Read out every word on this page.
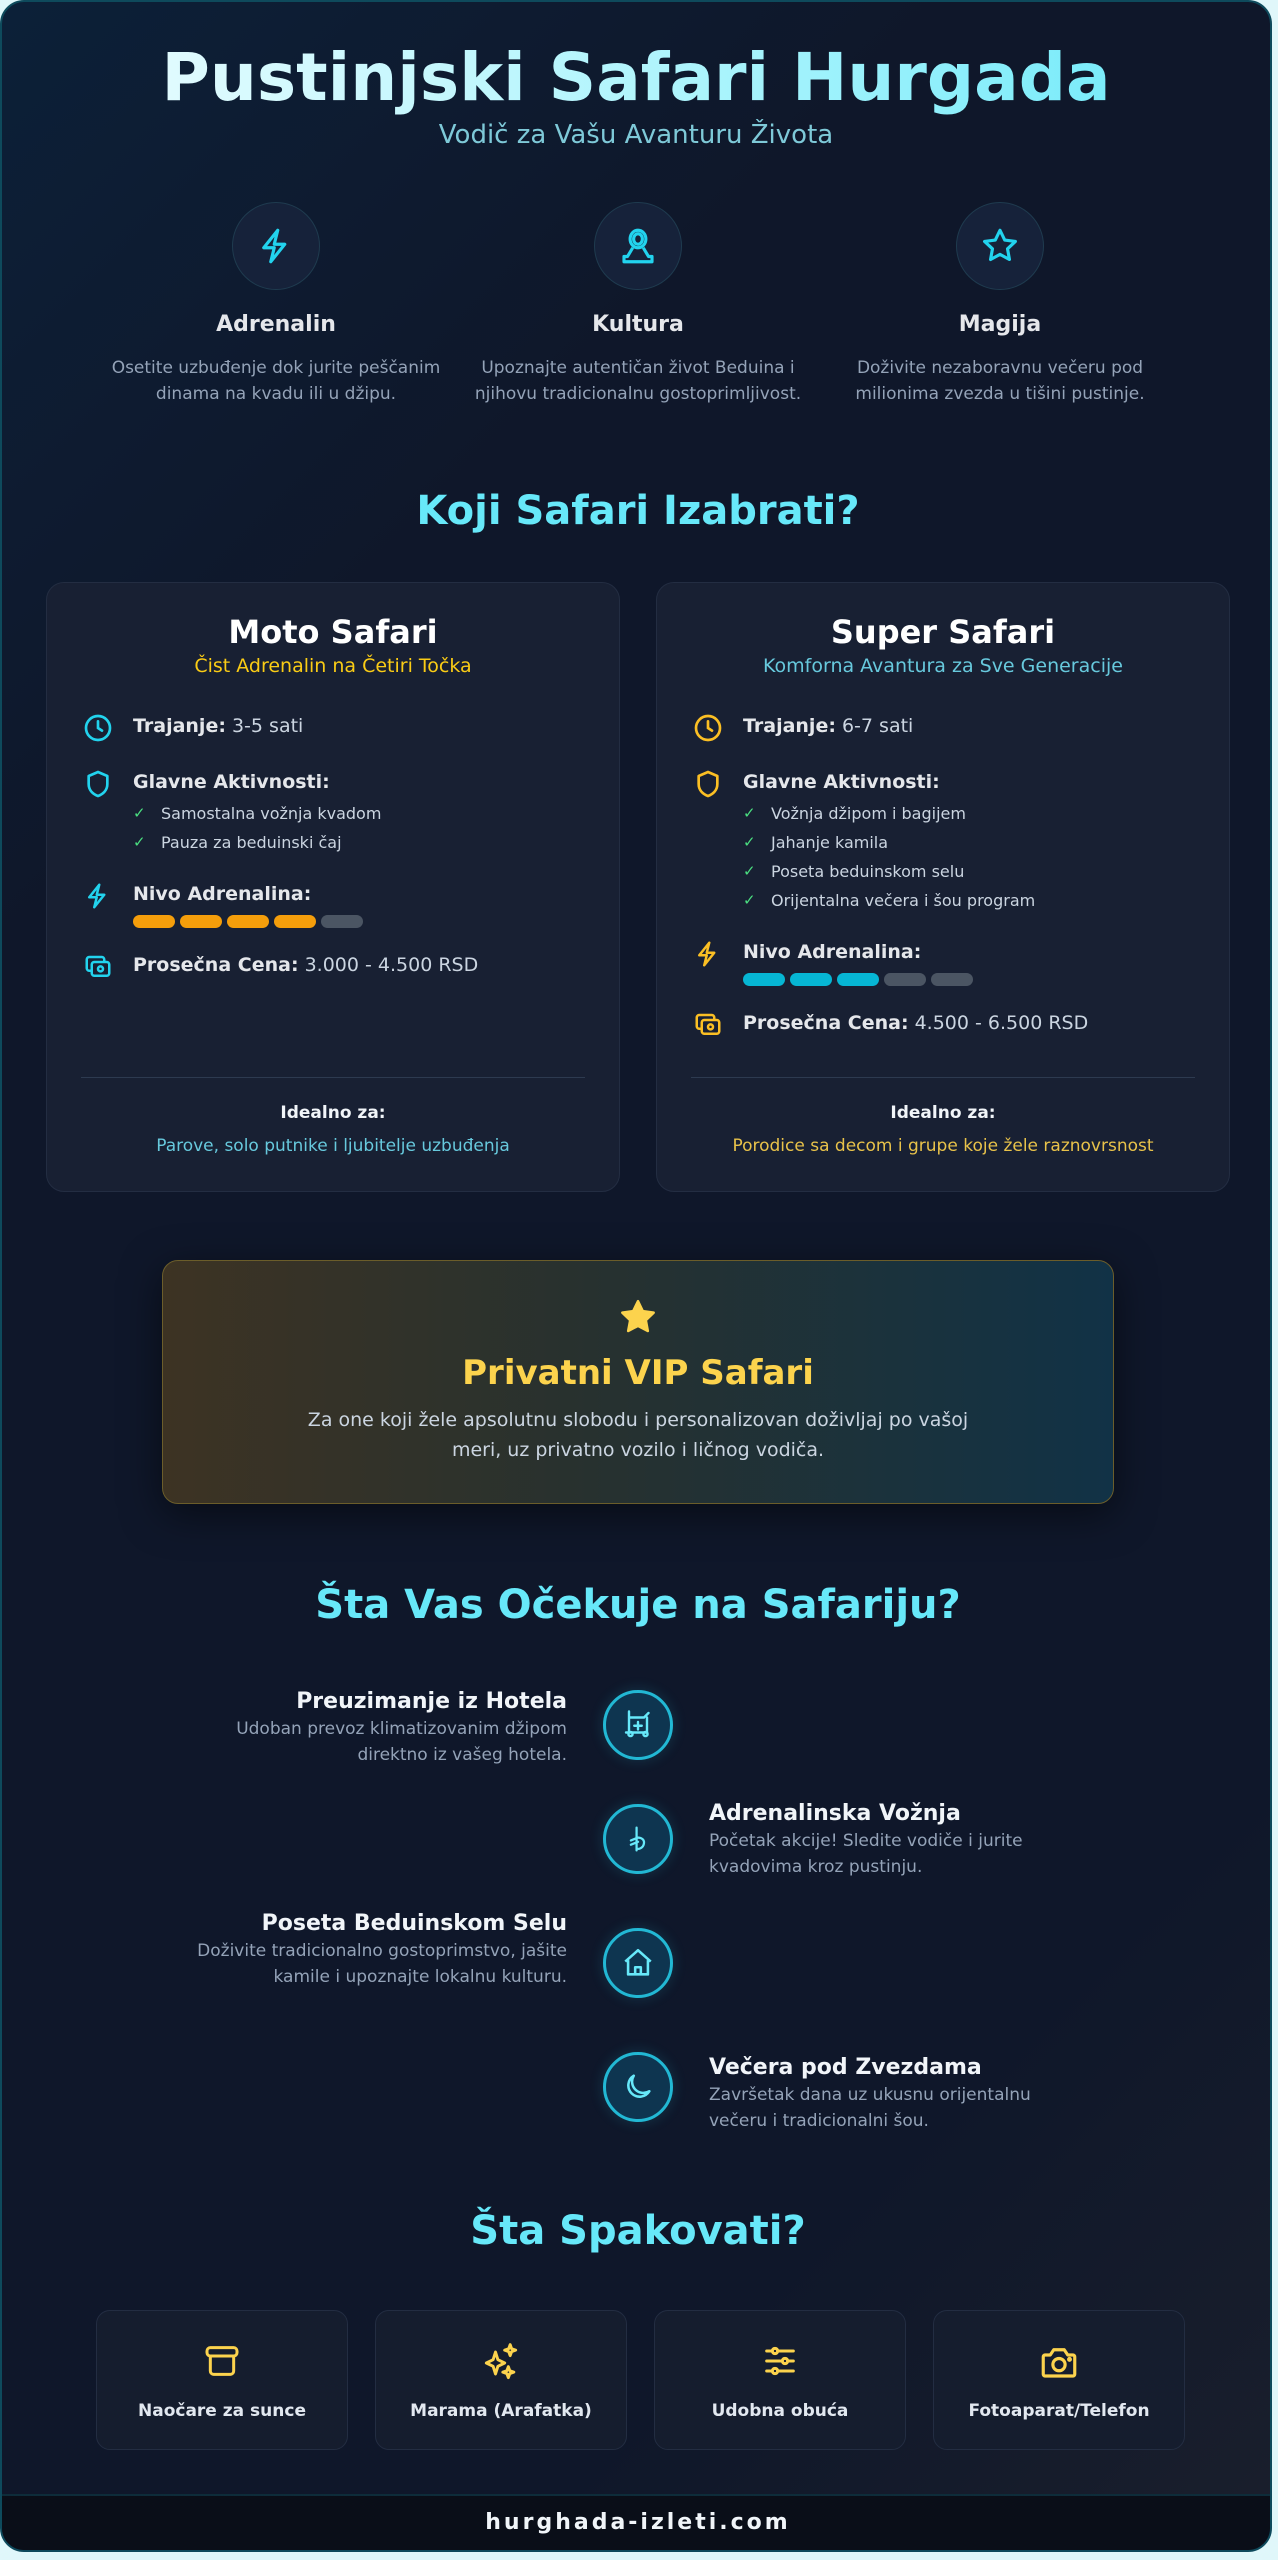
Pustinjski Safari Hurgada
Vodič za Vašu Avanturu Života
Adrenalin
Osetite uzbuđenje dok jurite peščanim dinama na kvadu ili u džipu.
Kultura
Upoznajte autentičan život Beduina i njihovu tradicionalnu gostoprimljivost.
Magija
Doživite nezaboravnu večeru pod milionima zvezda u tišini pustinje.
Koji Safari Izabrati?
Moto Safari
Čist Adrenalin na Četiri Točka
Trajanje: 3-5 sati
Glavne Aktivnosti:
✓ Samostalna vožnja kvadom
✓ Pauza za beduinski čaj
Nivo Adrenalina:
Prosečna Cena: 3.000 - 4.500 RSD
Idealno za:
Parove, solo putnike i ljubitelje uzbuđenja
Super Safari
Komforna Avantura za Sve Generacije
Trajanje: 6-7 sati
Glavne Aktivnosti:
✓ Vožnja džipom i bagijem
✓ Jahanje kamila
✓ Poseta beduinskom selu
✓ Orijentalna večera i šou program
Nivo Adrenalina:
Prosečna Cena: 4.500 - 6.500 RSD
Idealno za:
Porodice sa decom i grupe koje žele raznovrsnost
Privatni VIP Safari
Za one koji žele apsolutnu slobodu i personalizovan doživljaj po vašoj meri, uz privatno vozilo i ličnog vodiča.
Šta Vas Očekuje na Safariju?
Preuzimanje iz Hotela
Udoban prevoz klimatizovanim džipom direktno iz vašeg hotela.
Adrenalinska Vožnja
Početak akcije! Sledite vodiče i jurite kvadovima kroz pustinju.
Poseta Beduinskom Selu
Doživite tradicionalno gostoprimstvo, jašite kamile i upoznajte lokalnu kulturu.
Večera pod Zvezdama
Završetak dana uz ukusnu orijentalnu večeru i tradicionalni šou.
Šta Spakovati?
Naočare za sunce	Marama (Arafatka)	Udobna obuća	Fotoaparat/Telefon
hurghada-izleti.com
